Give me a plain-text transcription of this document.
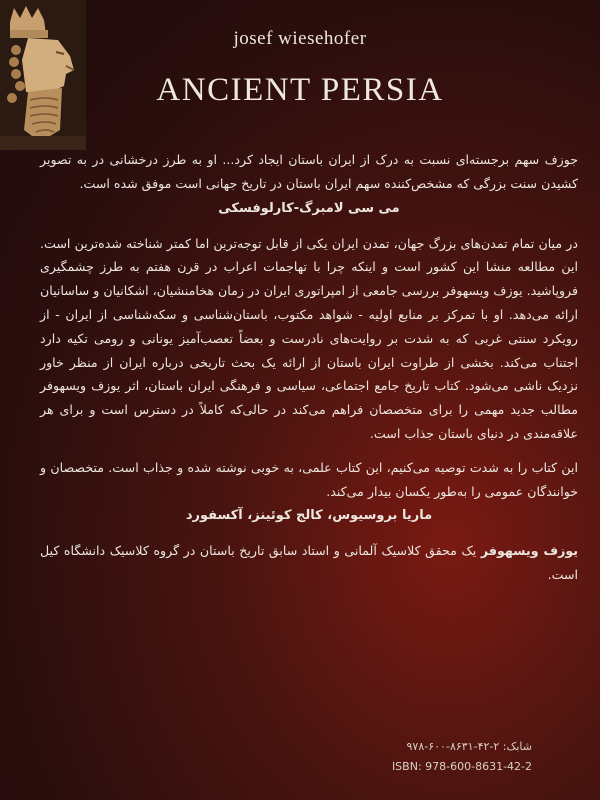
josef wiesehofer
ANCIENT PERSIA

جوزف سهم برجسته‌ای نسبت به درک از ایران باستان ایجاد کرد... او به طرز درخشانی در به تصویر کشیدن سنت بزرگی که مشخص‌کننده سهم ایران باستان در تاریخ جهانی است موفق شده است.

می سی لامبرگ-کارلوفسکی

در میان تمام تمدن‌های بزرگ جهان، تمدن ایران یکی از قابل توجه‌ترین اما کمتر شناخته شده‌ترین است. این مطالعه منشا این کشور است و اینکه چرا با تهاجمات اعراب در قرن هفتم به طرز چشمگیری فروپاشید. یوزف ویسهوفر بررسی جامعی از امپراتوری ایران در زمان هخامنشیان، اشکانیان و ساسانیان ارائه می‌دهد. او با تمرکز بر منابع اولیه - شواهد مکتوب، باستان‌شناسی و سکه‌شناسی از ایران - از رویکرد سنتی غربی که به شدت بر روایت‌های نادرست و بعضاً تعصب‌آمیز یونانی و رومی تکیه دارد اجتناب می‌کند. بخشی از طراوت ایران باستان از ارائه یک بحث تاریخی درباره ایران از منظر خاور نزدیک ناشی می‌شود. کتاب تاریخ جامع اجتماعی، سیاسی و فرهنگی ایران باستان، اثر یوزف ویسهوفر مطالب جدید مهمی را برای متخصصان فراهم می‌کند در حالی‌که کاملاً در دسترس است و برای هر علاقه‌مندی در دنیای باستان جذاب است.

این کتاب را به شدت توصیه می‌کنیم، این کتاب علمی، به خوبی نوشته شده و جذاب است. متخصصان و خوانندگان عمومی را به‌طور یکسان بیدار می‌کند.

ماریا بروسیوس، کالج کوئینز، آکسفورد

یوزف ویسهوفر یک محقق کلاسیک آلمانی و استاد سابق تاریخ باستان در گروه کلاسیک دانشگاه کیل است.

شابک: ۲-۴۲-۸۶۳۱-۶۰۰-۹۷۸
ISBN: 978-600-8631-42-2
